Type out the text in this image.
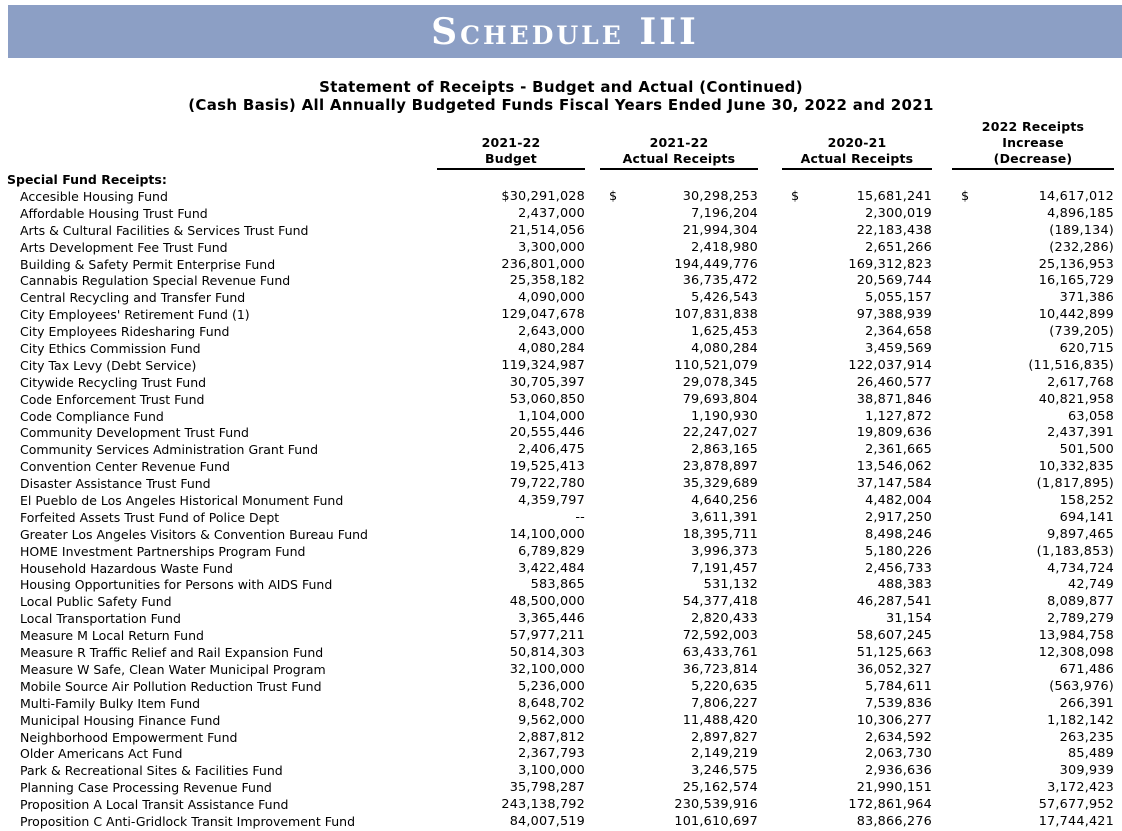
Schedule III
Statement of Receipts - Budget and Actual (Continued)
(Cash Basis) All Annually Budgeted Funds Fiscal Years Ended June 30, 2022 and 2021
2021-22
Budget
2021-22
Actual Receipts
2020-21
Actual Receipts
2022 Receipts
Increase
(Decrease)
Special Fund Receipts:
Accesible Housing Fund	$30,291,028 $	30,298,253	$	15,681,241 $	14,617,012
Affordable Housing Trust Fund	2,437,000	7,196,204	2,300,019	4,896,185
Arts & Cultural Facilities & Services Trust Fund	21,514,056	21,994,304	22,183,438	(189,134)
Arts Development Fee Trust Fund	3,300,000	2,418,980	2,651,266	(232,286)
Building & Safety Permit Enterprise Fund	236,801,000	194,449,776	169,312,823	25,136,953
Cannabis Regulation Special Revenue Fund	25,358,182	36,735,472	20,569,744	16,165,729
Central Recycling and Transfer Fund	4,090,000	5,426,543	5,055,157	371,386
City Employees' Retirement Fund (1)	129,047,678	107,831,838	97,388,939	10,442,899
City Employees Ridesharing Fund	2,643,000	1,625,453	2,364,658	(739,205)
City Ethics Commission Fund	4,080,284	4,080,284	3,459,569	620,715
City Tax Levy (Debt Service)	119,324,987	110,521,079	122,037,914	(11,516,835)
Citywide Recycling Trust Fund	30,705,397	29,078,345	26,460,577	2,617,768
Code Enforcement Trust Fund	53,060,850	79,693,804	38,871,846	40,821,958
Code Compliance Fund	1,104,000	1,190,930	1,127,872	63,058
Community Development Trust Fund	20,555,446	22,247,027	19,809,636	2,437,391
Community Services Administration Grant Fund	2,406,475	2,863,165	2,361,665	501,500
Convention Center Revenue Fund	19,525,413	23,878,897	13,546,062	10,332,835
Disaster Assistance Trust Fund	79,722,780	35,329,689	37,147,584	(1,817,895)
El Pueblo de Los Angeles Historical Monument Fund	4,359,797	4,640,256	4,482,004	158,252
Forfeited Assets Trust Fund of Police Dept	--	3,611,391	2,917,250	694,141
Greater Los Angeles Visitors & Convention Bureau Fund	14,100,000	18,395,711	8,498,246	9,897,465
HOME Investment Partnerships Program Fund	6,789,829	3,996,373	5,180,226	(1,183,853)
Household Hazardous Waste Fund	3,422,484	7,191,457	2,456,733	4,734,724
Housing Opportunities for Persons with AIDS Fund	583,865	531,132	488,383	42,749
Local Public Safety Fund	48,500,000	54,377,418	46,287,541	8,089,877
Local Transportation Fund	3,365,446	2,820,433	31,154	2,789,279
Measure M Local Return Fund	57,977,211	72,592,003	58,607,245	13,984,758
Measure R Traffic Relief and Rail Expansion Fund	50,814,303	63,433,761	51,125,663	12,308,098
Measure W Safe, Clean Water Municipal Program	32,100,000	36,723,814	36,052,327	671,486
Mobile Source Air Pollution Reduction Trust Fund	5,236,000	5,220,635	5,784,611	(563,976)
Multi-Family Bulky Item Fund	8,648,702	7,806,227	7,539,836	266,391
Municipal Housing Finance Fund	9,562,000	11,488,420	10,306,277	1,182,142
Neighborhood Empowerment Fund	2,887,812	2,897,827	2,634,592	263,235
Older Americans Act Fund	2,367,793	2,149,219	2,063,730	85,489
Park & Recreational Sites & Facilities Fund	3,100,000	3,246,575	2,936,636	309,939
Planning Case Processing Revenue Fund	35,798,287	25,162,574	21,990,151	3,172,423
Proposition A Local Transit Assistance Fund	243,138,792	230,539,916	172,861,964	57,677,952
Proposition C Anti-Gridlock Transit Improvement Fund	84,007,519	101,610,697	83,866,276	17,744,421
